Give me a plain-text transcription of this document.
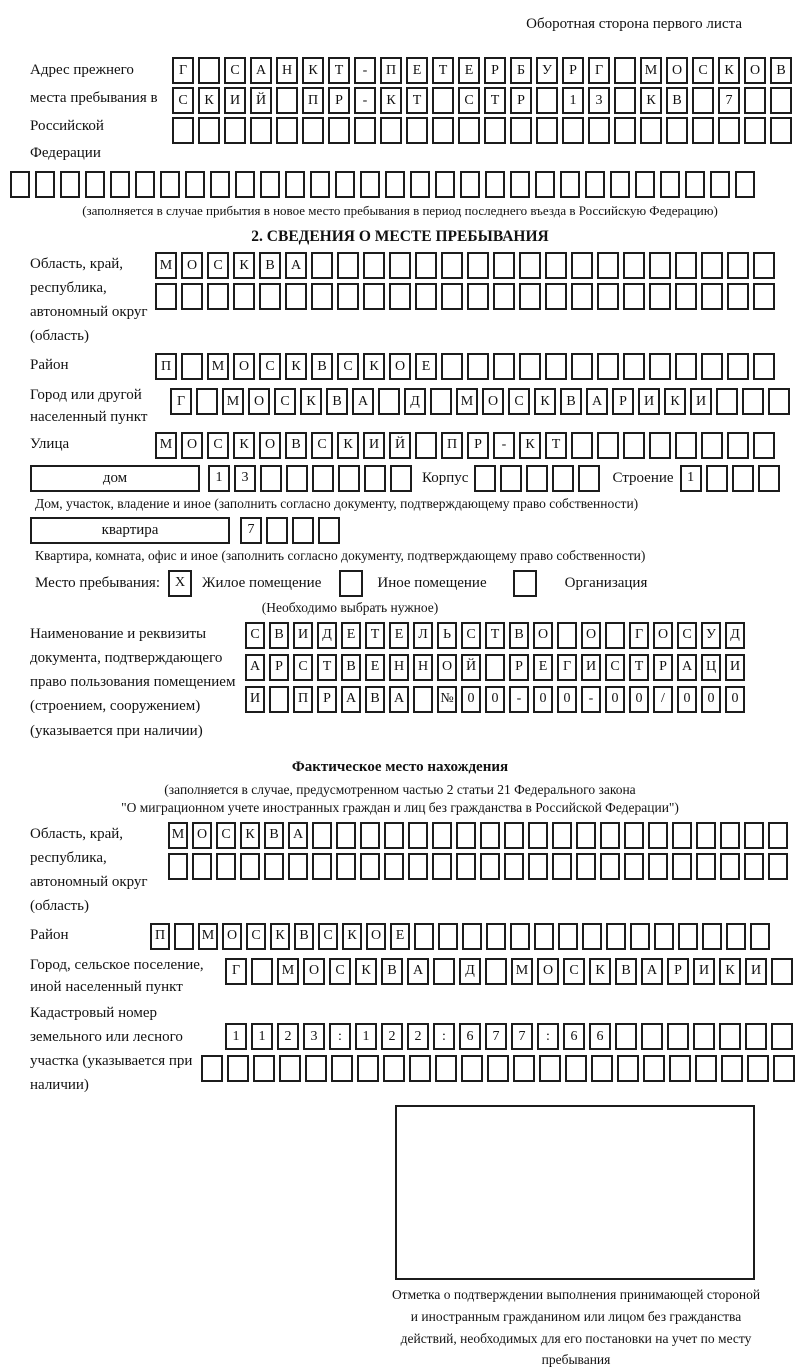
Оборотная сторона первого листа
Адрес прежнего места пребывания в Российской Федерации
Г	С	А	Н	К	Т	-	П	Е	Т	Е	Р	Б	У	Р	Г	М	О	С	К	О	В
С	К	И	Й	П	Р	-	К	Т	С	Т	Р	1	3	К	В	7
(заполняется в случае прибытия в новое место пребывания в период последнего въезда в Российскую Федерацию)
2. СВЕДЕНИЯ О МЕСТЕ ПРЕБЫВАНИЯ
Область, край, республика, автономный округ (область)
М	О	С	К	В	А
Район	П	М	О	С	К	В	С	К	О	Е
Город или другой населенный пункт
Г	М	О	С	К	В	А	Д	М	О	С	К	В	А	Р	И	К	И
Улица	М	О	С	К	О	В	С	К	И	Й	П	Р	-	К	Т
дом	1	3	Корпус	Строение 1
Дом, участок, владение и иное (заполнить согласно документу, подтверждающему право собственности)
квартира	7
Квартира, комната, офис и иное (заполнить согласно документу, подтверждающему право собственности)
Место пребывания:	X	Жилое помещение	Иное помещение	Организация
(Необходимо выбрать нужное)
Наименование и реквизиты документа, подтверждающего право пользования помещением (строением, сооружением) (указывается при наличии)
С	В	И	Д	Е	Т	Е	Л	Ь	С	Т	В	О	О	Г	О	С	У	Д
А	Р	С	Т	В	Е	Н Н О Й	Р	Е	Г	И	С	Т	Р	А Ц И
И	П	Р	А	В	А	№ 0	0	-	0	0	-	0	0	/	0	0	0
Фактическое место нахождения
(заполняется в случае, предусмотренном частью 2 статьи 21 Федерального закона
"О миграционном учете иностранных граждан и лиц без гражданства в Российской Федерации")
Область, край, республика, автономный округ (область)
М О	С	К	В	А
Район	П	М О	С	К	В	С	К	О	Е
Город, сельское поселение, иной населенный пункт
Г	М	О	С	К	В	А	Д	М	О	С	К	В	А	Р	И	К	И
Кадастровый номер земельного или лесного участка (указывается при наличии)
1	1	2	3	:	1	2	2	:	6	7	7	:	6	6
Отметка о подтверждении выполнения принимающей стороной и иностранным гражданином или лицом без гражданства действий, необходимых для его постановки на учет по месту пребывания
